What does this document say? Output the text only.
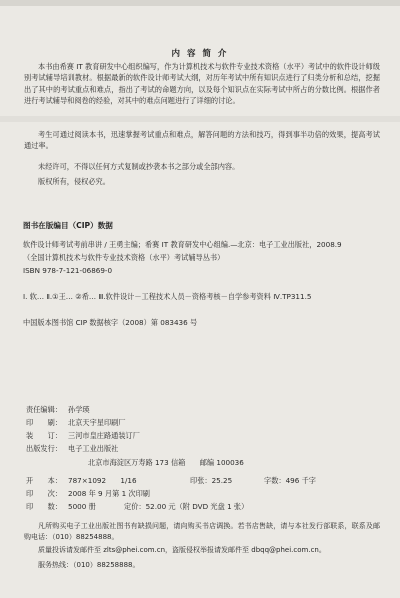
内 容 简 介
本书由希赛 IT 教育研发中心组织编写，作为计算机技术与软件专业技术资格（水平）考试中的软件设计师级别考试辅导培训教材。根据最新的软件设计师考试大纲，对历年考试中所有知识点进行了归类分析和总结，挖掘出了其中的考试重点和难点，指出了考试的命题方向，以及每个知识点在实际考试中所占的分数比例。根据作者进行考试辅导和阅卷的经验，对其中的难点问题进行了详细的讨论。
考生可通过阅读本书，迅速掌握考试重点和难点，解答问题的方法和技巧，得到事半功倍的效果，提高考试通过率。
未经许可，不得以任何方式复制或抄袭本书之部分或全部内容。
版权所有，侵权必究。
图书在版编目（CIP）数据
软件设计师考试考前串讲 / 王勇主编；希赛 IT 教育研发中心组编.—北京：电子工业出版社，2008.9
（全国计算机技术与软件专业技术资格（水平）考试辅导丛书）
ISBN 978-7-121-06869-0
Ⅰ. 软… Ⅱ.①王… ②希… Ⅲ.软件设计－工程技术人员－资格考核－自学参考资料 Ⅳ.TP311.5
中国版本图书馆 CIP 数据核字（2008）第 083436 号
责任编辑： 孙学瑛
印　　刷： 北京天宇星印刷厂
装　　订： 三河市皇庄路通装订厂
出版发行： 电子工业出版社
北京市海淀区万寿路 173 信箱　　邮编 100036
开　　本： 787×1092　　1/16	印张：25.25	字数：496 千字
印　　次： 2008 年 9 月第 1 次印刷
印　　数： 5000 册	定价：52.00 元（附 DVD 光盘 1 张）
凡所购买电子工业出版社图书有缺损问题，请向购买书店调换。若书店售缺，请与本社发行部联系，联系及邮购电话：（010）88254888。
质量投诉请发邮件至 zlts@phei.com.cn，盗版侵权举报请发邮件至 dbqq@phei.com.cn。
服务热线：（010）88258888。
